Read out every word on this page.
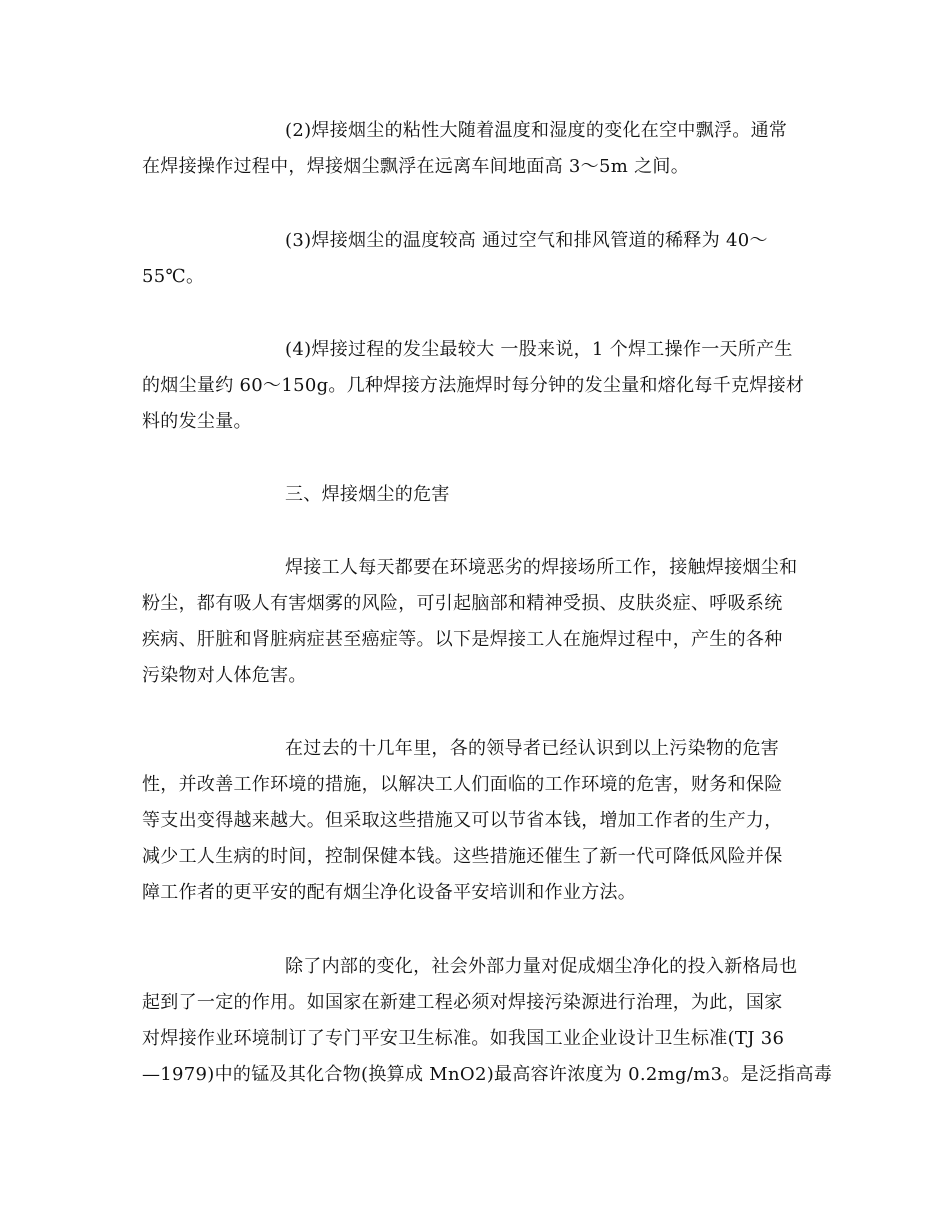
(2)焊接烟尘的粘性大随着温度和湿度的变化在空中飘浮。通常
在焊接操作过程中，焊接烟尘飘浮在远离车间地面高 3～5m 之间。
(3)焊接烟尘的温度较高 通过空气和排风管道的稀释为 40～
55℃。
(4)焊接过程的发尘最较大 一股来说，1 个焊工操作一天所产生
的烟尘量约 60～150g。几种焊接方法施焊时每分钟的发尘量和熔化每千克焊接材
料的发尘量。
三、焊接烟尘的危害
焊接工人每天都要在环境恶劣的焊接场所工作，接触焊接烟尘和
粉尘，都有吸人有害烟雾的风险，可引起脑部和精神受损、皮肤炎症、呼吸系统
疾病、肝脏和肾脏病症甚至癌症等。以下是焊接工人在施焊过程中，产生的各种
污染物对人体危害。
在过去的十几年里，各的领导者已经认识到以上污染物的危害
性，并改善工作环境的措施，以解决工人们面临的工作环境的危害，财务和保险
等支出变得越来越大。但采取这些措施又可以节省本钱，增加工作者的生产力，
减少工人生病的时间，控制保健本钱。这些措施还催生了新一代可降低风险并保
障工作者的更平安的配有烟尘净化设备平安培训和作业方法。
除了内部的变化，社会外部力量对促成烟尘净化的投入新格局也
起到了一定的作用。如国家在新建工程必须对焊接污染源进行治理，为此，国家
对焊接作业环境制订了专门平安卫生标准。如我国工业企业设计卫生标准(TJ 36
—1979)中的锰及其化合物(换算成 MnO2)最高容许浓度为 0.2mg/m3。是泛指高毒
